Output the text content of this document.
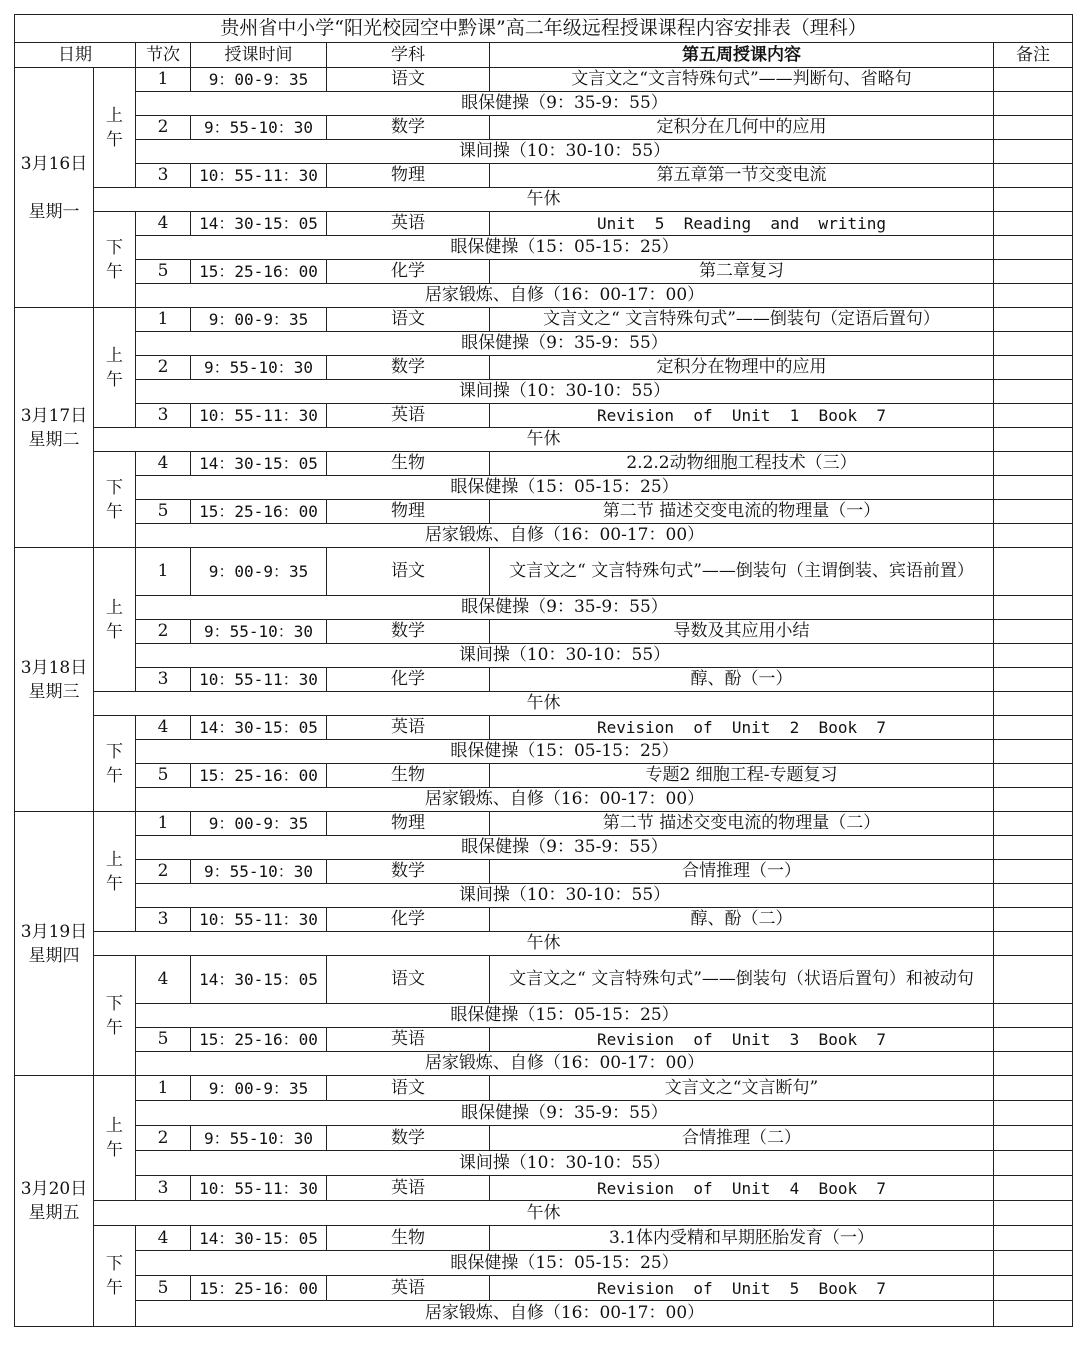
贵州省中小学“阳光校园空中黔课”高二年级远程授课课程内容安排表（理科）						
日期		节次	授课时间	学科	第五周授课内容	备注
3月16日

星期一	上
午	1	9：00-9：35	语文	文言文之“文言特殊句式”——判断句、省略句	
		眼保健操（9：35-9：55）				
		2	9：55-10：30	数学	定积分在几何中的应用	
		课间操（10：30-10：55）				
		3	10：55-11：30	物理	第五章第一节交变电流	
	午休					
	下
午	4	14：30-15：05	英语	Unit  5  Reading  and  writing	
		眼保健操（15：05-15：25）				
		5	15：25-16：00	化学	第二章复习	
		居家锻炼、自修（16：00-17：00）				
3月17日
星期二	上
午	1	9：00-9：35	语文	文言文之“ 文言特殊句式”——倒装句（定语后置句）	
		眼保健操（9：35-9：55）				
		2	9：55-10：30	数学	定积分在物理中的应用	
		课间操（10：30-10：55）				
		3	10：55-11：30	英语	Revision  of  Unit  1  Book  7	
	午休					
	下
午	4	14：30-15：05	生物	2.2.2动物细胞工程技术（三）	
		眼保健操（15：05-15：25）				
		5	15：25-16：00	物理	第二节 描述交变电流的物理量（一）	
		居家锻炼、自修（16：00-17：00）				
3月18日
星期三	上
午	1	9：00-9：35	语文	文言文之“ 文言特殊句式”——倒装句（主谓倒装、宾语前置）	
		眼保健操（9：35-9：55）				
		2	9：55-10：30	数学	导数及其应用小结	
		课间操（10：30-10：55）				
		3	10：55-11：30	化学	醇、酚（一）	
	午休					
	下
午	4	14：30-15：05	英语	Revision  of  Unit  2  Book  7	
		眼保健操（15：05-15：25）				
		5	15：25-16：00	生物	专题2 细胞工程-专题复习	
		居家锻炼、自修（16：00-17：00）				
3月19日
星期四	上
午	1	9：00-9：35	物理	第二节 描述交变电流的物理量（二）	
		眼保健操（9：35-9：55）				
		2	9：55-10：30	数学	合情推理（一）	
		课间操（10：30-10：55）				
		3	10：55-11：30	化学	醇、酚（二）	
	午休					
	下
午	4	14：30-15：05	语文	文言文之“ 文言特殊句式”——倒装句（状语后置句）和被动句	
		眼保健操（15：05-15：25）				
		5	15：25-16：00	英语	Revision  of  Unit  3  Book  7	
		居家锻炼、自修（16：00-17：00）				
3月20日
星期五	上
午	1	9：00-9：35	语文	文言文之“文言断句”	
		眼保健操（9：35-9：55）				
		2	9：55-10：30	数学	合情推理（二）	
		课间操（10：30-10：55）				
		3	10：55-11：30	英语	Revision  of  Unit  4  Book  7	
	午休					
	下
午	4	14：30-15：05	生物	3.1体内受精和早期胚胎发育（一）	
		眼保健操（15：05-15：25）				
		5	15：25-16：00	英语	Revision  of  Unit  5  Book  7	
		居家锻炼、自修（16：00-17：00）				
